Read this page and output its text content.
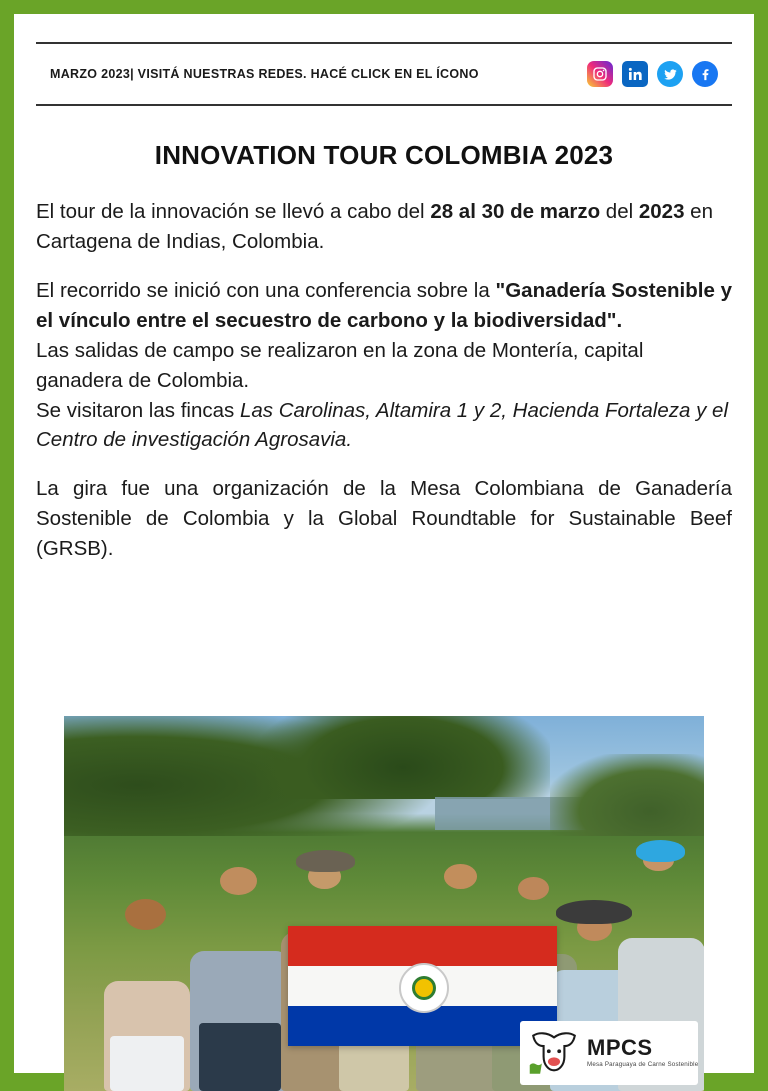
MARZO 2023| VISITÁ NUESTRAS REDES. HACÉ CLICK EN EL ÍCONO
INNOVATION TOUR COLOMBIA 2023

El tour de la innovación se llevó a cabo del 28 al 30 de marzo del 2023 en Cartagena de Indias, Colombia.

El recorrido se inició con una conferencia sobre la "Ganadería Sostenible y el vínculo entre el secuestro de carbono y la biodiversidad".

Las salidas de campo se realizaron en la zona de Montería, capital ganadera de Colombia.

Se visitaron las fincas Las Carolinas, Altamira 1 y 2, Hacienda Fortaleza y el Centro de investigación Agrosavia.

La gira fue una organización de la Mesa Colombiana de Ganadería Sostenible de Colombia y la Global Roundtable for Sustainable Beef (GRSB).

MPCS
Mesa Paraguaya de Carne Sostenible
